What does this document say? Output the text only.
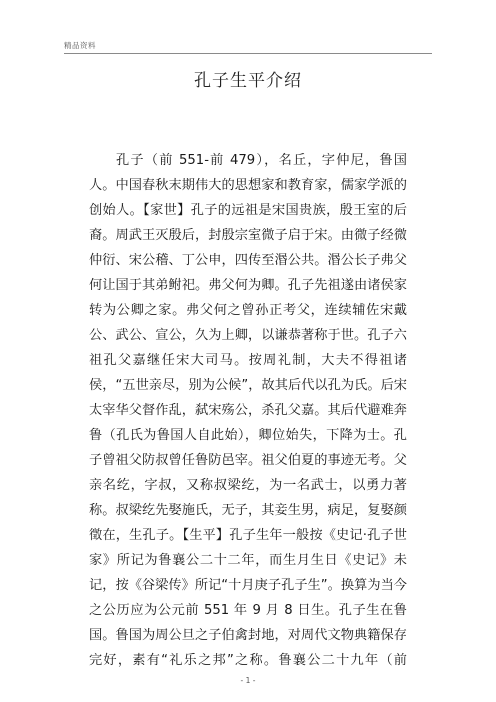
精品资料
孔子生平介绍

孔子（前 551-前 479），名丘，字仲尼，鲁国人。中国春秋末期伟大的思想家和教育家，儒家学派的创始人。【家世】孔子的远祖是宋国贵族，殷王室的后裔。周武王灭殷后，封殷宗室微子启于宋。由微子经微仲衍、宋公稽、丁公申，四传至湣公共。湣公长子弗父何让国于其弟鲋祀。弗父何为卿。孔子先祖遂由诸侯家转为公卿之家。弗父何之曾孙正考父，连续辅佐宋戴公、武公、宣公，久为上卿，以谦恭著称于世。孔子六祖孔父嘉继任宋大司马。按周礼制，大夫不得祖诸侯，“五世亲尽，别为公候”，故其后代以孔为氏。后宋太宰华父督作乱，弑宋殇公，杀孔父嘉。其后代避难奔鲁（孔氏为鲁国人自此始），卿位始失，下降为士。孔子曾祖父防叔曾任鲁防邑宰。祖父伯夏的事迹无考。父亲名纥，字叔，又称叔梁纥，为一名武士，以勇力著称。叔梁纥先娶施氏，无子，其妾生男，病足，复娶颜徵在，生孔子。【生平】孔子生年一般按《史记·孔子世家》所记为鲁襄公二十二年，而生月生日《史记》未记，按《谷梁传》所记“十月庚子孔子生”。换算为当今之公历应为公元前 551 年 9 月 8 日生。孔子生在鲁国。鲁国为周公旦之子伯禽封地，对周代文物典籍保存完好，素有“礼乐之邦”之称。鲁襄公二十九年（前

- 1 -
